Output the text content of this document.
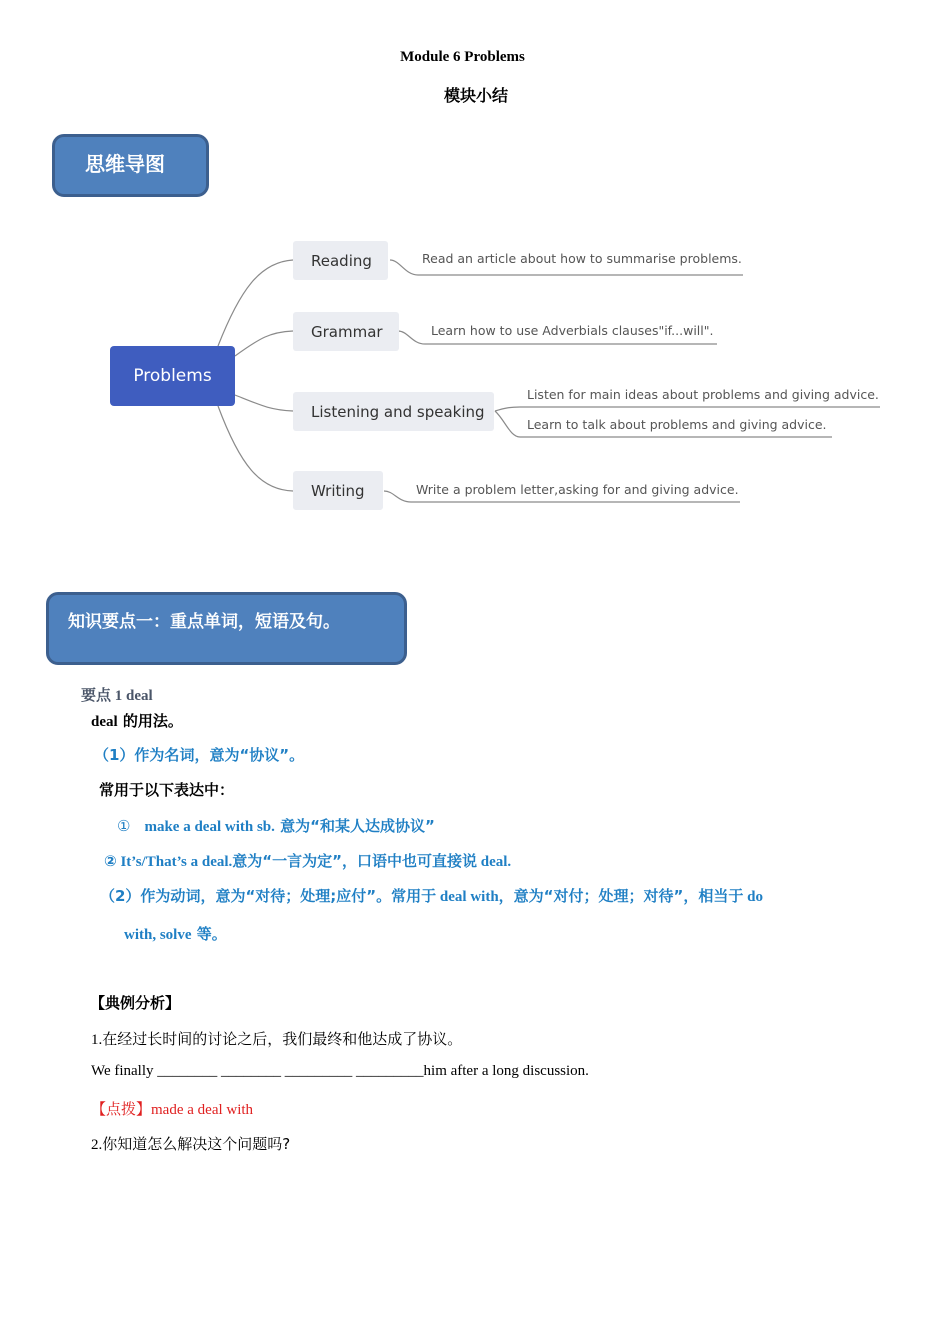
Module 6 Problems
模块小结
思维导图
Problems
Reading
Grammar
Listening and speaking
Writing
Read an article about how to summarise problems.
Learn how to use Adverbials clauses"if...will".
Listen for main ideas about problems and giving advice.
Learn to talk about problems and giving advice.
Write a problem letter,asking for and giving advice.
知识要点一：重点单词，短语及句。
要点 1 deal
deal 的用法。
（1）作为名词，意为“协议”。
常用于以下表达中：
① make a deal with sb. 意为“和某人达成协议”
② It’s/That’s a deal.意为“一言为定”，口语中也可直接说 deal.
（2）作为动词，意为“对待；处理;应付”。常用于 deal with，意为“对付；处理；对待”，相当于 do
with, solve 等。
【典例分析】
1.在经过长时间的讨论之后，我们最终和他达成了协议。
We finally ________ ________ _________ _________him after a long discussion.
【点拨】made a deal with
2.你知道怎么解决这个问题吗?
